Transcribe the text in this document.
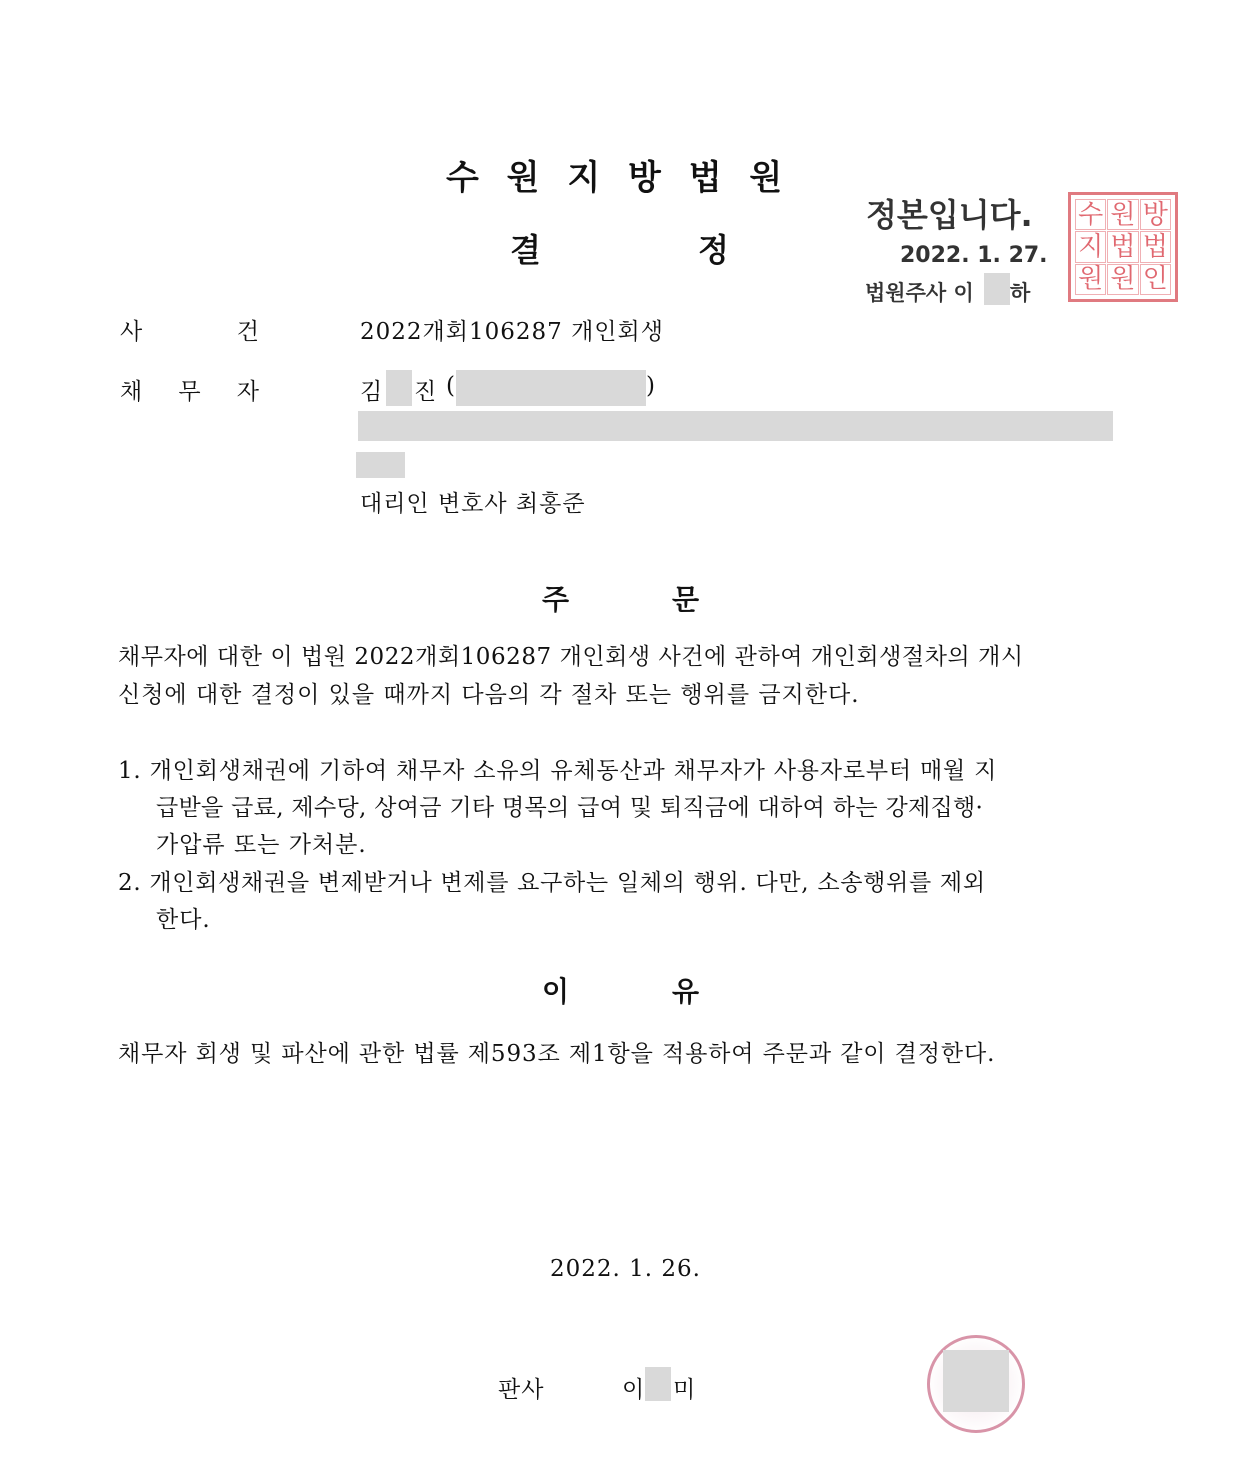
수 원 지 방 법 원
결	정
정본입니다.
2022. 1. 27.
법원주사 이 하
수 원 방
지 법 법
원 원 인
사	건	2022개회106287 개인회생
채 무 자	김 진 (	)
대리인 변호사 최홍준
주	문
채무자에 대한 이 법원 2022개회106287 개인회생 사건에 관하여 개인회생절차의 개시
신청에 대한 결정이 있을 때까지 다음의 각 절차 또는 행위를 금지한다.
1. 개인회생채권에 기하여 채무자 소유의 유체동산과 채무자가 사용자로부터 매월 지
급받을 급료, 제수당, 상여금 기타 명목의 급여 및 퇴직금에 대하여 하는 강제집행·
가압류 또는 가처분.
2. 개인회생채권을 변제받거나 변제를 요구하는 일체의 행위. 다만, 소송행위를 제외
한다.
이	유
채무자 회생 및 파산에 관한 법률 제593조 제1항을 적용하여 주문과 같이 결정한다.
2022. 1. 26.
판사	이 미
